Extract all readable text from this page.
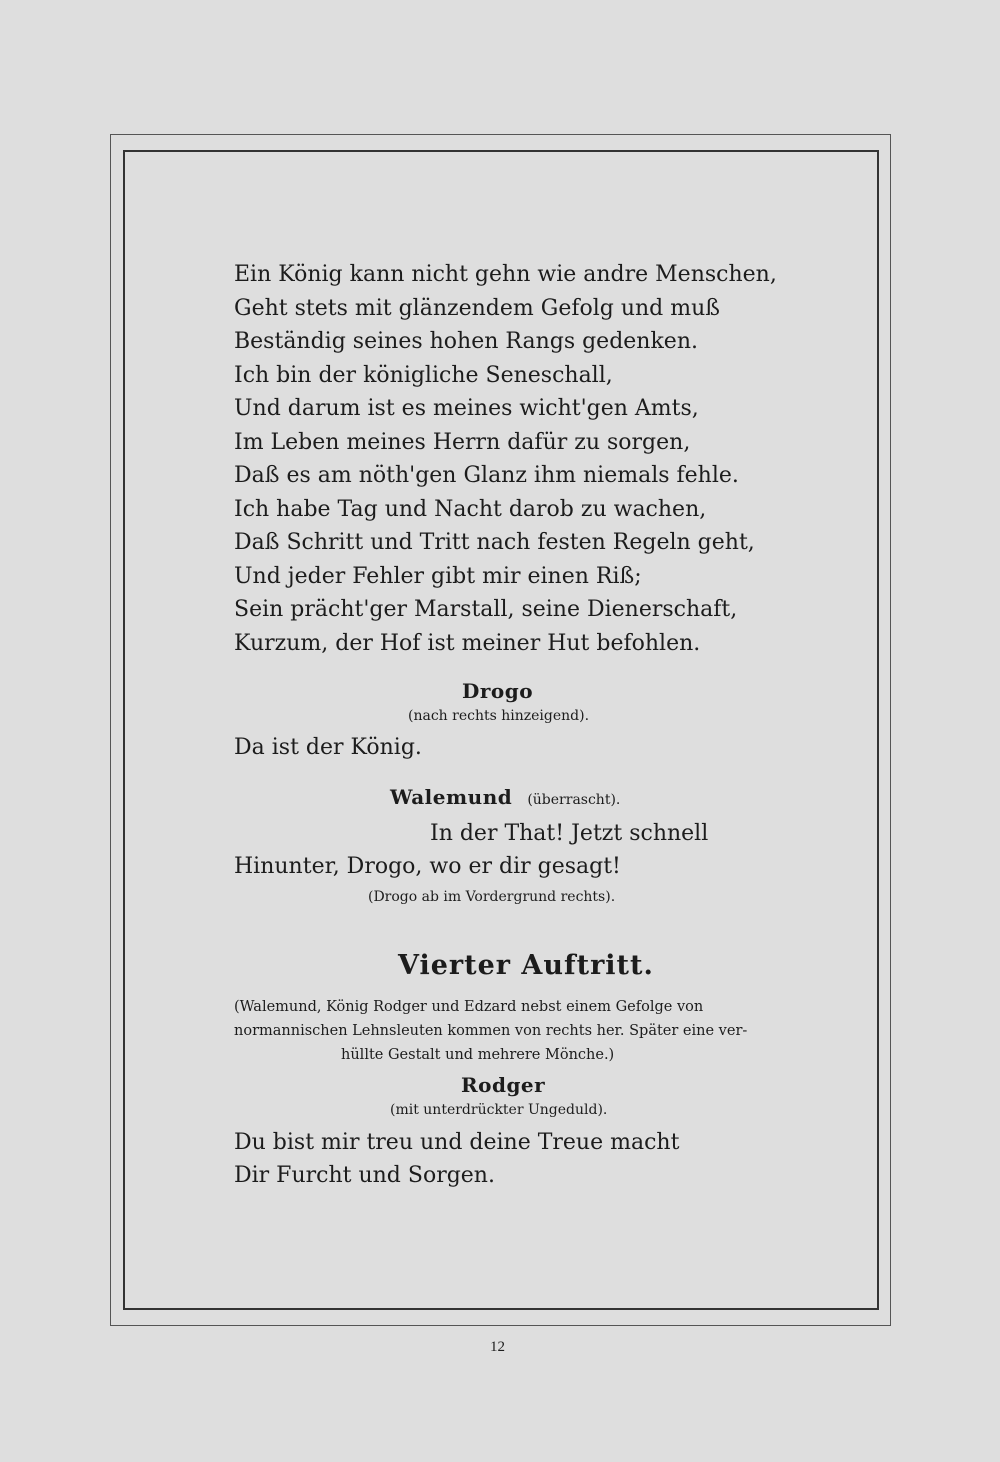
Ein König kann nicht gehn wie andre Menschen,
Geht stets mit glänzendem Gefolg und muß
Beständig seines hohen Rangs gedenken.
Ich bin der königliche Seneschall,
Und darum ist es meines wicht'gen Amts,
Im Leben meines Herrn dafür zu sorgen,
Daß es am nöth'gen Glanz ihm niemals fehle.
Ich habe Tag und Nacht darob zu wachen,
Daß Schritt und Tritt nach festen Regeln geht,
Und jeder Fehler gibt mir einen Riß;
Sein prächt'ger Marstall, seine Dienerschaft,
Kurzum, der Hof ist meiner Hut befohlen.
Drogo
(nach rechts hinzeigend).
Da ist der König.
Walemund (überrascht).
In der That! Jetzt schnell
Hinunter, Drogo, wo er dir gesagt!
(Drogo ab im Vordergrund rechts).
Vierter Auftritt.
(Walemund, König Rodger und Edzard nebst einem Gefolge von
normannischen Lehnsleuten kommen von rechts her. Später eine ver-
hüllte Gestalt und mehrere Mönche.)
Rodger
(mit unterdrückter Ungeduld).
Du bist mir treu und deine Treue macht
Dir Furcht und Sorgen.
12
